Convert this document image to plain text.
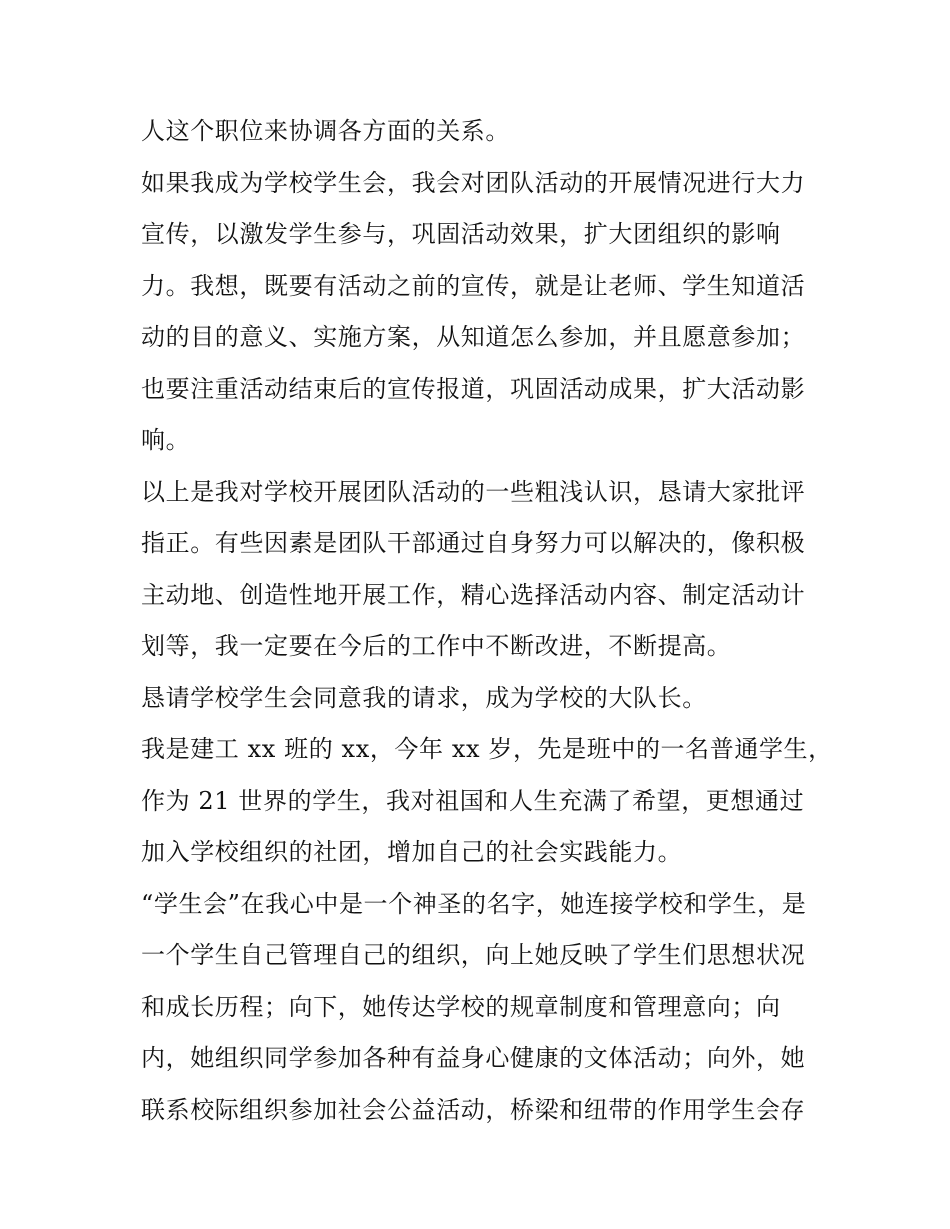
人这个职位来协调各方面的关系。
如果我成为学校学生会，我会对团队活动的开展情况进行大力
宣传，以激发学生参与，巩固活动效果，扩大团组织的影响
力。我想，既要有活动之前的宣传，就是让老师、学生知道活
动的目的意义、实施方案，从知道怎么参加，并且愿意参加；
也要注重活动结束后的宣传报道，巩固活动成果，扩大活动影
响。
以上是我对学校开展团队活动的一些粗浅认识，恳请大家批评
指正。有些因素是团队干部通过自身努力可以解决的，像积极
主动地、创造性地开展工作，精心选择活动内容、制定活动计
划等，我一定要在今后的工作中不断改进，不断提高。
恳请学校学生会同意我的请求，成为学校的大队长。
我是建工 xx 班的 xx，今年 xx 岁，先是班中的一名普通学生，
作为 21 世界的学生，我对祖国和人生充满了希望，更想通过
加入学校组织的社团，增加自己的社会实践能力。
“学生会”在我心中是一个神圣的名字，她连接学校和学生，是
一个学生自己管理自己的组织，向上她反映了学生们思想状况
和成长历程；向下，她传达学校的规章制度和管理意向；向
内，她组织同学参加各种有益身心健康的文体活动；向外，她
联系校际组织参加社会公益活动，桥梁和纽带的作用学生会存
